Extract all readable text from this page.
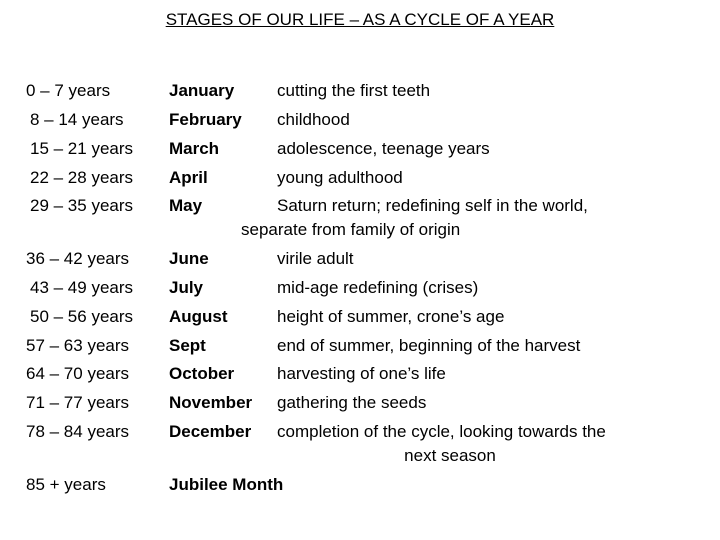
STAGES OF OUR LIFE – AS A CYCLE OF A YEAR
0 – 7 years	January	cutting the first teeth
8 – 14 years	February childhood
15 – 21 years March	adolescence, teenage years
22 – 28 years April	young adulthood
29 – 35 years May	Saturn return; redefining self in the world,
separate from family of origin
36 – 42 years June	virile adult
43 – 49 years July	mid-age redefining (crises)
50 – 56 years August	height of summer, crone’s age
57 – 63 years Sept	end of summer, beginning of the harvest
64 – 70 years October	harvesting of one’s life
71 – 77 years November gathering the seeds
78 – 84 years December completion of the cycle, looking towards the
next season
85 + years	Jubilee Month
